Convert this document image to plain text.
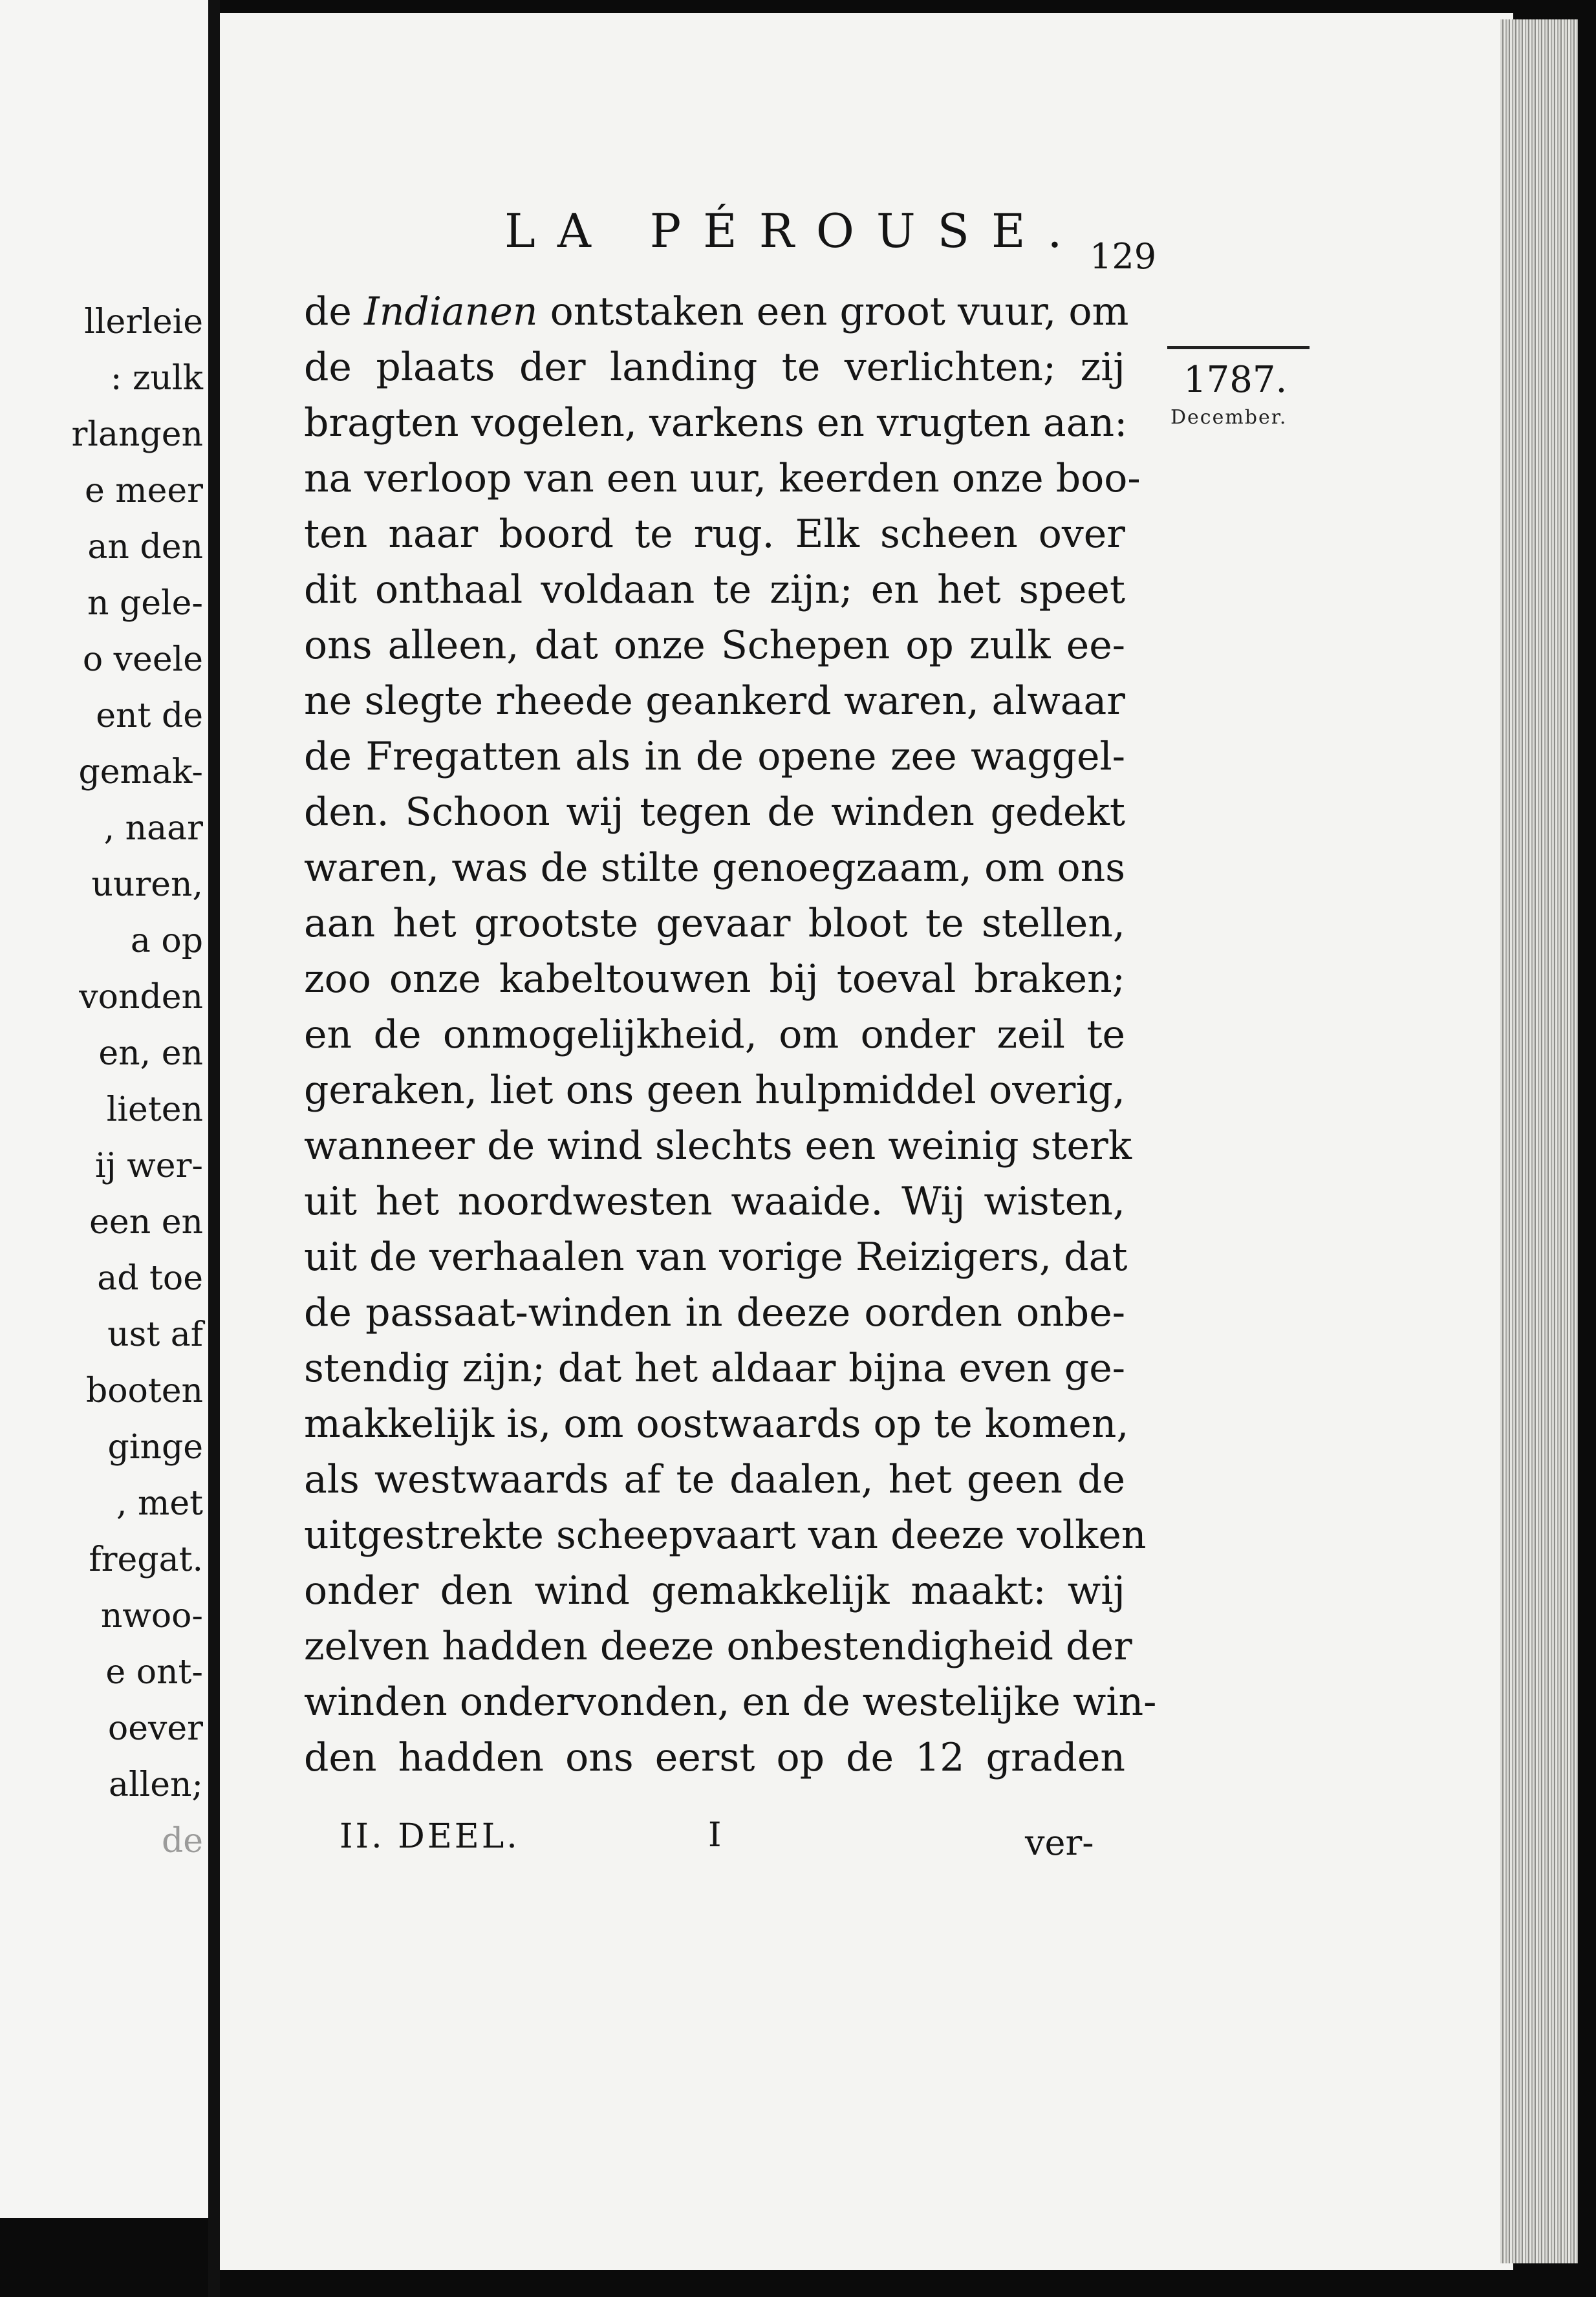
llerleie
: zulk
rlangen
e meer
an den
n gele-
o veele
ent de
gemak-
, naar
uuren,
a op
vonden
en, en
lieten
ij wer-
een en
ad toe
ust af
booten
ginge
, met
fregat.
nwoo-
e ont-
oever
allen;
de
LA PÉROUSE. 129
1787.
December.
de Indianen ontstaken een groot vuur, om
de plaats der landing te verlichten; zij
bragten vogelen, varkens en vrugten aan:
na verloop van een uur, keerden onze boo-
ten naar boord te rug. Elk scheen over
dit onthaal voldaan te zijn; en het speet
ons alleen, dat onze Schepen op zulk ee-
ne slegte rheede geankerd waren, alwaar
de Fregatten als in de opene zee waggel-
den. Schoon wij tegen de winden gedekt
waren, was de stilte genoegzaam, om ons
aan het grootste gevaar bloot te stellen,
zoo onze kabeltouwen bij toeval braken;
en de onmogelijkheid, om onder zeil te
geraken, liet ons geen hulpmiddel overig,
wanneer de wind slechts een weinig sterk
uit het noordwesten waaide. Wij wisten,
uit de verhaalen van vorige Reizigers, dat
de passaat-winden in deeze oorden onbe-
stendig zijn; dat het aldaar bijna even ge-
makkelijk is, om oostwaards op te komen,
als westwaards af te daalen, het geen de
uitgestrekte scheepvaart van deeze volken
onder den wind gemakkelijk maakt: wij
zelven hadden deeze onbestendigheid der
winden ondervonden, en de westelijke win-
den hadden ons eerst op de 12 graden
II. DEEL.	I	ver-
